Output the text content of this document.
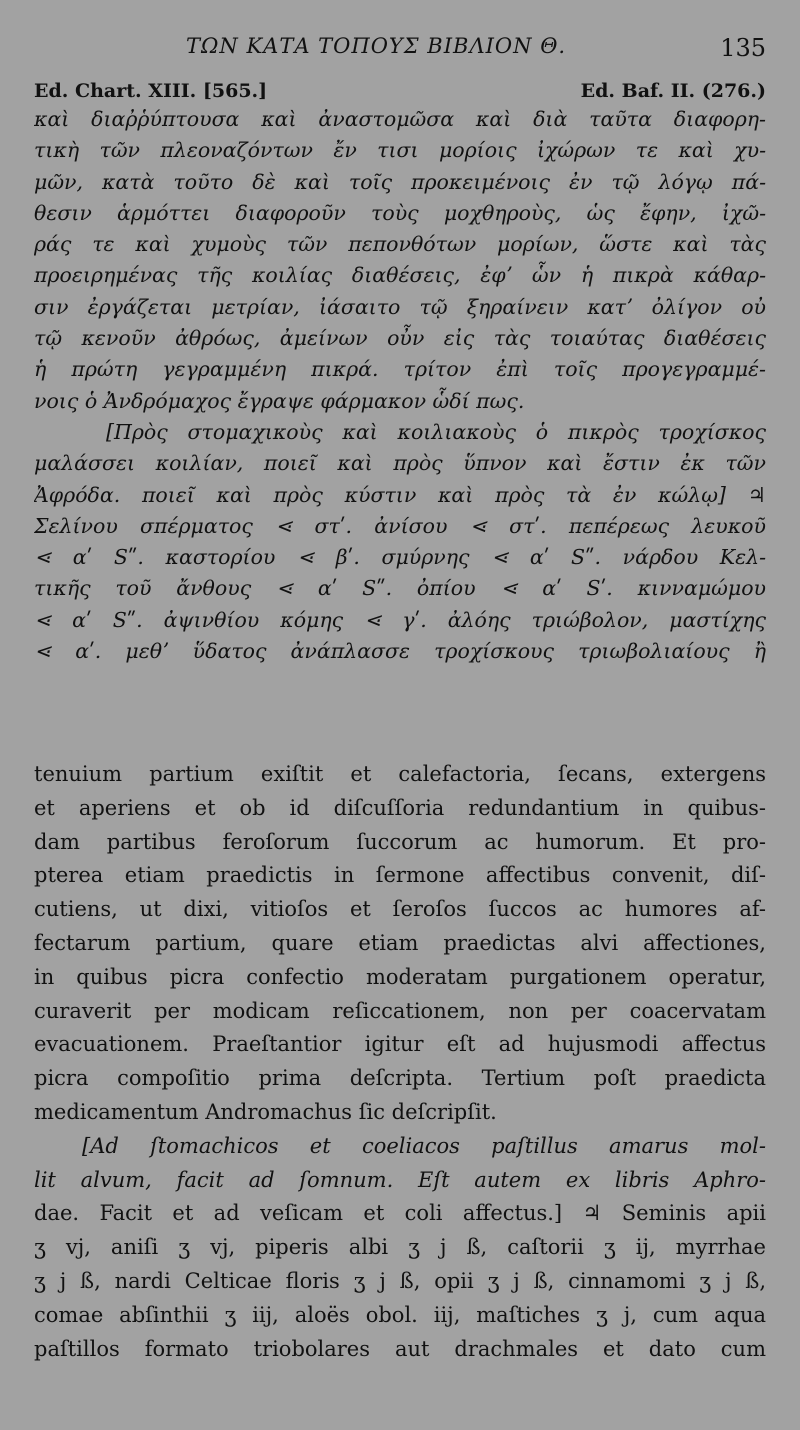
ΤΩΝ ΚΑΤΑ ΤΟΠΟΥΣ ΒΙΒΛΙΟΝ Θ.	135
Ed. Chart. XIII. [565.]	Ed. Baf. II. (276.)
καὶ διαῤῥύπτουσα καὶ ἀναστομῶσα καὶ διὰ ταῦτα διαφορη-
τικὴ τῶν πλεοναζόντων ἔν τισι μορίοις ἰχώρων τε καὶ χυ-
μῶν, κατὰ τοῦτο δὲ καὶ τοῖς προκειμένοις ἐν τῷ λόγῳ πά-
θεσιν ἁρμόττει διαφοροῦν τοὺς μοχθηροὺς, ὡς ἔφην, ἰχῶ-
ράς τε καὶ χυμοὺς τῶν πεπονθότων μορίων, ὥστε καὶ τὰς
προειρημένας τῆς κοιλίας διαθέσεις, ἐφʼ ὧν ἡ πικρὰ κάθαρ-
σιν ἐργάζεται μετρίαν, ἰάσαιτο τῷ ξηραίνειν κατʼ ὀλίγον οὐ
τῷ κενοῦν ἀθρόως, ἀμείνων οὖν εἰς τὰς τοιαύτας διαθέσεις
ἡ πρώτη γεγραμμένη πικρά. τρίτον ἐπὶ τοῖς προγεγραμμέ-
νοις ὁ Ἀνδρόμαχος ἔγραψε φάρμακον ὧδί πως.
[Πρὸς στομαχικοὺς καὶ κοιλιακοὺς ὁ πικρὸς τροχίσκος
μαλάσσει κοιλίαν, ποιεῖ καὶ πρὸς ὕπνον καὶ ἔστιν ἐκ τῶν
Ἀφρόδα. ποιεῖ καὶ πρὸς κύστιν καὶ πρὸς τὰ ἐν κώλῳ] ♃
Σελίνου σπέρματος ⋖ στʹ. ἀνίσου ⋖ στʹ. πεπέρεως λευκοῦ
⋖ αʹ Sʺ. καστορίου ⋖ βʹ. σμύρνης ⋖ αʹ Sʺ. νάρδου Κελ-
τικῆς τοῦ ἄνθους ⋖ αʹ Sʺ. ὀπίου ⋖ αʹ Sʹ. κινναμώμου
⋖ αʹ Sʺ. ἀψινθίου κόμης ⋖ γʹ. ἀλόης τριώβολον, μαστίχης
⋖ αʹ. μεθʼ ὕδατος ἀνάπλασσε τροχίσκους τριωβολιαίους ἢ
tenuium partium exiſtit et calefactoria, ſecans, extergens
et aperiens et ob id diſcuſſoria redundantium in quibus-
dam partibus feroſorum ſuccorum ac humorum. Et pro-
pterea etiam praedictis in ſermone affectibus convenit, diſ-
cutiens, ut dixi, vitioſos et ſeroſos ſuccos ac humores af-
fectarum partium, quare etiam praedictas alvi affectiones,
in quibus picra confectio moderatam purgationem operatur,
curaverit per modicam reſiccationem, non per coacervatam
evacuationem. Praeſtantior igitur eſt ad hujusmodi affectus
picra compoſitio prima deſcripta. Tertium poſt praedicta
medicamentum Andromachus ſic deſcripſit.
[Ad ſtomachicos et coeliacos paſtillus amarus mol-
lit alvum, facit ad ſomnum. Eſt autem ex libris Aphro-
dae. Facit et ad veſicam et coli affectus.] ♃ Seminis apii
ʒ vj, aniſi ʒ vj, piperis albi ʒ j ß, caſtorii ʒ ij, myrrhae
ʒ j ß, nardi Celticae floris ʒ j ß, opii ʒ j ß, cinnamomi ʒ j ß,
comae abſinthii ʒ iij, aloës obol. iij, maſtiches ʒ j, cum aqua
paſtillos formato triobolares aut drachmales et dato cum
